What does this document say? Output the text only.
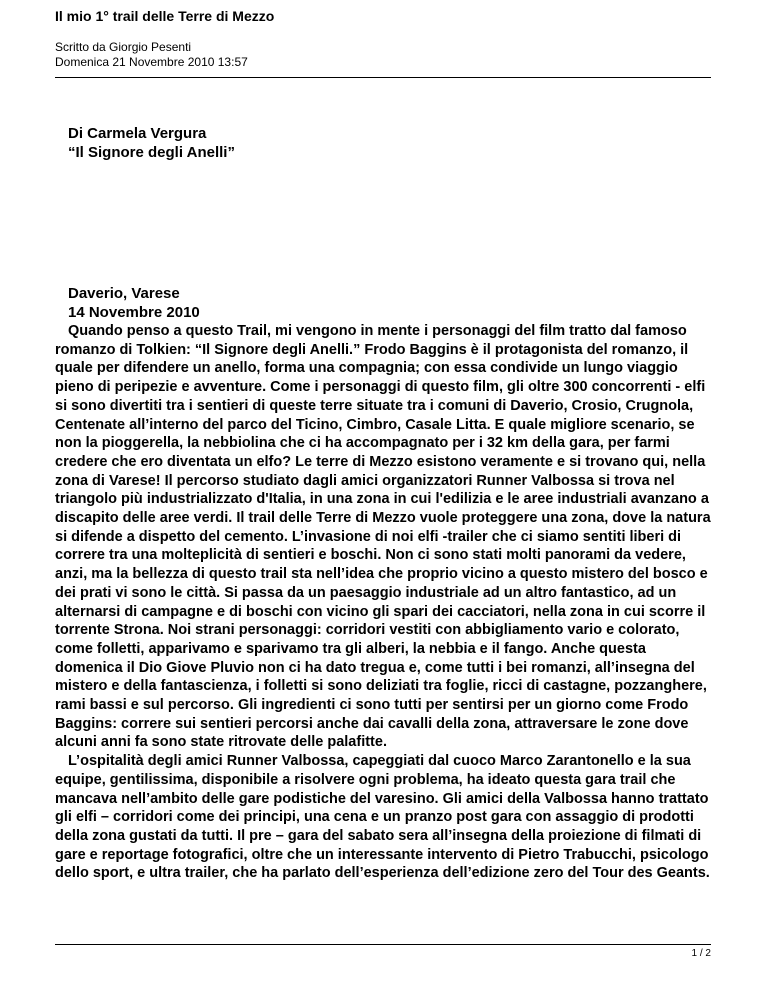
Il mio 1° trail delle Terre di Mezzo
Scritto da Giorgio Pesenti
Domenica 21 Novembre 2010 13:57
Di Carmela Vergura
“Il Signore degli Anelli”
Daverio, Varese
14 Novembre 2010

Quando penso a questo Trail, mi vengono in mente i personaggi del film tratto dal famoso romanzo di Tolkien: “Il Signore degli Anelli.” Frodo Baggins è il protagonista del romanzo, il quale per difendere un anello, forma una compagnia; con essa condivide un lungo viaggio pieno di peripezie e avventure. Come i personaggi di questo film, gli oltre 300 concorrenti - elfi si sono divertiti tra i sentieri di queste terre situate tra i comuni di Daverio, Crosio, Crugnola, Centenate all’interno del parco del Ticino, Cimbro, Casale Litta. E quale migliore scenario, se non la pioggerella, la nebbiolina che ci ha accompagnato per i 32 km della gara, per farmi credere che ero diventata un elfo? Le terre di Mezzo esistono veramente e si trovano qui, nella zona di Varese! Il percorso studiato dagli amici organizzatori Runner Valbossa si trova nel triangolo più industrializzato d'Italia, in una zona in cui l'edilizia e le aree industriali avanzano a discapito delle aree verdi. Il trail delle Terre di Mezzo vuole proteggere una zona, dove la natura si difende a dispetto del cemento. L’invasione di noi elfi -trailer che ci siamo sentiti liberi di correre tra una molteplicità di sentieri e boschi. Non ci sono stati molti panorami da vedere, anzi, ma la bellezza di questo trail sta nell’idea che proprio vicino a questo mistero del bosco e dei prati vi sono le città. Si passa da un paesaggio industriale ad un altro fantastico, ad un alternarsi di campagne e di boschi con vicino gli spari dei cacciatori, nella zona in cui scorre il torrente Strona. Noi strani personaggi: corridori vestiti con abbigliamento vario e colorato, come folletti, apparivamo e sparivamo tra gli alberi, la nebbia e il fango. Anche questa domenica il Dio Giove Pluvio non ci ha dato tregua e, come tutti i bei romanzi, all’insegna del mistero e della fantascienza, i folletti si sono deliziati tra foglie, ricci di castagne, pozzanghere, rami bassi e sul percorso. Gli ingredienti ci sono tutti per sentirsi per un giorno come Frodo Baggins: correre sui sentieri percorsi anche dai cavalli della zona, attraversare le zone dove alcuni anni fa sono state ritrovate delle palafitte.

L’ospitalità degli amici Runner Valbossa, capeggiati dal cuoco Marco Zarantonello e la sua equipe, gentilissima, disponibile a risolvere ogni problema, ha ideato questa gara trail che mancava nell’ambito delle gare podistiche del varesino. Gli amici della Valbossa hanno trattato gli elfi – corridori come dei principi, una cena e un pranzo post gara con assaggio di prodotti della zona gustati da tutti. Il pre – gara del sabato sera all’insegna della proiezione di filmati di gare e reportage fotografici, oltre che un interessante intervento di Pietro Trabucchi, psicologo dello sport, e ultra trailer, che ha parlato dell’esperienza dell’edizione zero del Tour des Geants.

1 / 2
